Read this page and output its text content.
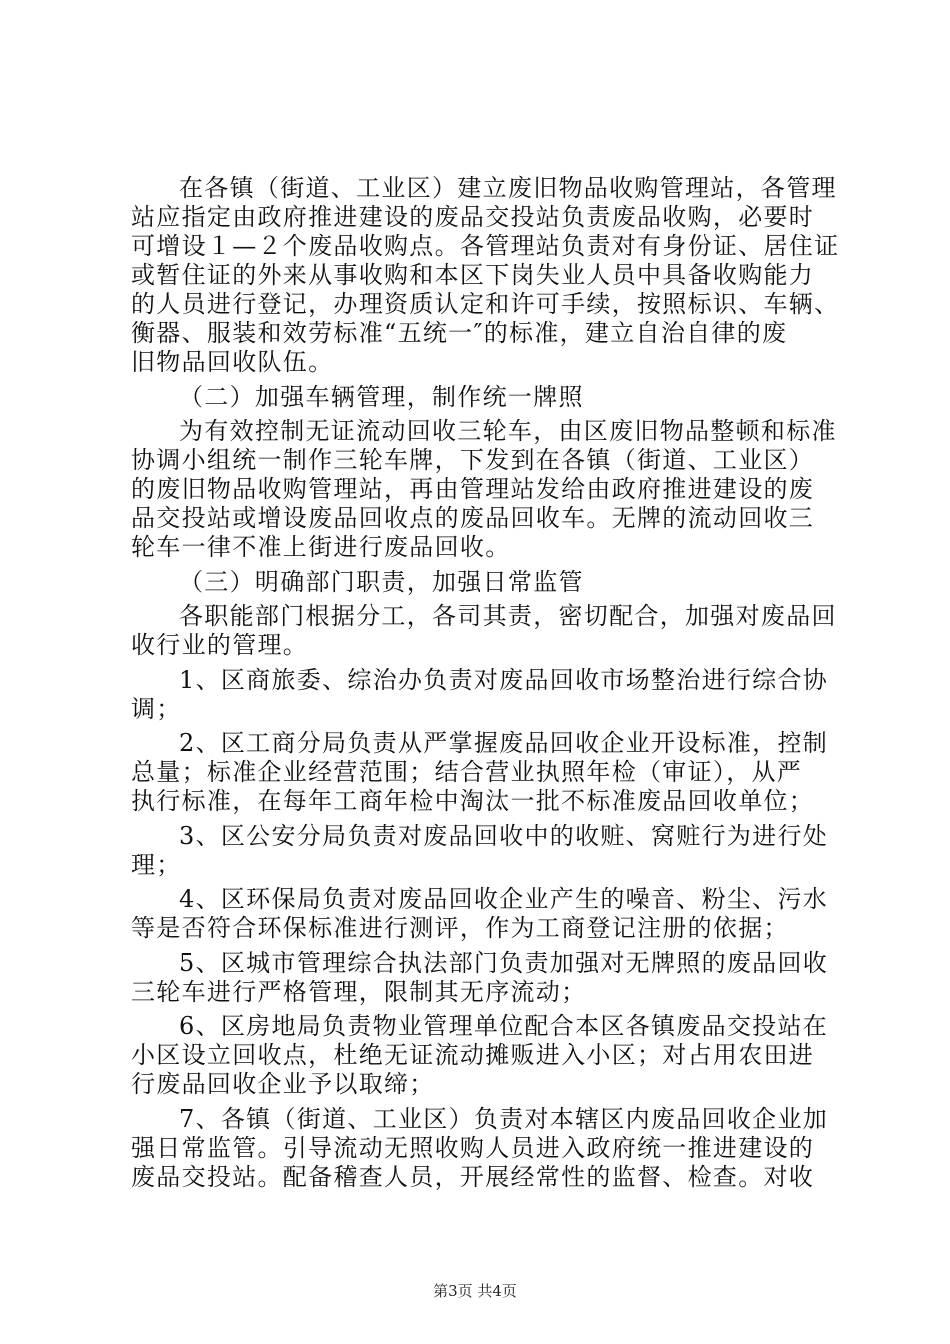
在各镇（街道、工业区）建立废旧物品收购管理站，各管理
站应指定由政府推进建设的废品交投站负责废品收购，必要时
可增设１—２个废品收购点。各管理站负责对有身份证、居住证
或暂住证的外来从事收购和本区下岗失业人员中具备收购能力
的人员进行登记，办理资质认定和许可手续，按照标识、车辆、
衡器、服装和效劳标准“五统一″的标准，建立自治自律的废
旧物品回收队伍。
（二）加强车辆管理，制作统一牌照
为有效控制无证流动回收三轮车，由区废旧物品整顿和标准
协调小组统一制作三轮车牌，下发到在各镇（街道、工业区）
的废旧物品收购管理站，再由管理站发给由政府推进建设的废
品交投站或增设废品回收点的废品回收车。无牌的流动回收三
轮车一律不准上街进行废品回收。
（三）明确部门职责，加强日常监管
各职能部门根据分工，各司其责，密切配合，加强对废品回
收行业的管理。
1、区商旅委、综治办负责对废品回收市场整治进行综合协
调；
2、区工商分局负责从严掌握废品回收企业开设标准，控制
总量；标准企业经营范围；结合营业执照年检（审证），从严
执行标准，在每年工商年检中淘汰一批不标准废品回收单位；
3、区公安分局负责对废品回收中的收赃、窝赃行为进行处
理；
4、区环保局负责对废品回收企业产生的噪音、粉尘、污水
等是否符合环保标准进行测评，作为工商登记注册的依据；
5、区城市管理综合执法部门负责加强对无牌照的废品回收
三轮车进行严格管理，限制其无序流动；
6、区房地局负责物业管理单位配合本区各镇废品交投站在
小区设立回收点，杜绝无证流动摊贩进入小区；对占用农田进
行废品回收企业予以取缔；
7、各镇（街道、工业区）负责对本辖区内废品回收企业加
强日常监管。引导流动无照收购人员进入政府统一推进建设的
废品交投站。配备稽查人员，开展经常性的监督、检查。对收
第3页 共4页
